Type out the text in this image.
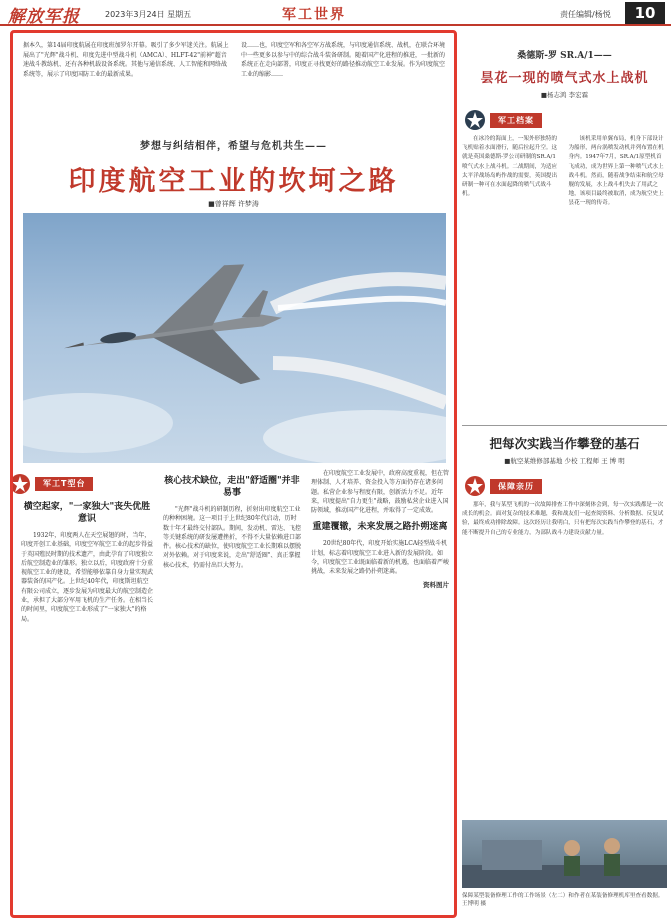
解放军报	2023年3月24日 星期五	军工世界	责任编辑/杨悦	10
据本久，第14届印度航展在印度班加罗尔开幕。吸引了多少军迷关注。航展上展出了"光辉"战斗机、印度先进中型战斗机（AMCA）、HLFT-42"前神"超音速战斗教练机、还有各种机载设备系统。其他与通信系统、人工智能和网络战系统等，展示了印度国防工业的最新成果。
设……也，印度空军和各空军方战系统，与印度通信系统、战机，在联合环境中一些更多以参与中的综合战斗装备研制。随着国产化进程的推进，一批新的系统正在走向部署，印度正寻找更好的路径推动航空工业发展。作为印度航空工业的缩影……
梦想与纠结相伴，希望与危机共生——
印度航空工业的坎坷之路
■曾祥辉 许梦涛
军工T型台
横空起家，"一家独大"丧失优胜意识

1932年，印度两人在天空展翅的时，当年，印度开创工业基础，印度空军航空工业的起步得益于英国殖民时期的技术遗产，由此孕育了印度独立后航空制造业的雏形。独立以后，印度政府十分重视航空工业的建设，希望能够依靠自身力量实现武器装备的国产化。上世纪40年代，印度斯坦航空有限公司成立，逐步发展为印度最大的航空制造企业，承担了大部分军用飞机的生产任务。在相当长的时间里，印度航空工业形成了"一家独大"的格局。

核心技术缺位，走出"舒适圈"并非易事

"光辉"战斗机的研制历程，折射出印度航空工业的种种困境。这一项目于上世纪80年代启动，历时数十年才最终交付部队。期间，发动机、雷达、飞控等关键系统的研发屡遭挫折，不得不大量依赖进口部件。核心技术的缺位，使印度航空工业长期难以摆脱对外依赖。对于印度来说，走出"舒适圈"、真正掌握核心技术，仍需付出巨大努力。

在印度航空工业发展中，政府高度重视，但在管理体制、人才培养、资金投入等方面仍存在诸多问题。私营企业参与程度有限，创新活力不足。近年来，印度提出"自力更生"战略，鼓励私营企业进入国防领域，推动国产化进程，并取得了一定成效。

重建覆辙，未来发展之路扑朔迷离

20世纪80年代，印度开始实施LCA轻型战斗机计划，标志着印度航空工业进入新的发展阶段。如今，印度航空工业既面临着新的机遇，也面临着严峻挑战，未来发展之路仍扑朔迷离。

资料图片
桑德斯-罗 SR.A/1——
昙花一现的喷气式水上战机
■杨志鸿 李宏霖
军工档案
在冰冷的海面上，一架外形独特的飞机贴着水面滑行，随后拉起升空。这就是英国桑德斯-罗公司研制的SR.A/1喷气式水上战斗机。二战期间，为适应太平洋战场岛屿作战的需要，英国提出研制一种可在水面起降的喷气式战斗机。
该机采用单翼布局，机身下部设计为船形，两台涡喷发动机并列布置在机身内。1947年7月，SR.A/1原型机首飞成功，成为世界上第一种喷气式水上战斗机。然而，随着战争结束和航空母舰的发展，水上战斗机失去了用武之地，该项目最终被取消，成为航空史上昙花一现的传奇。
把每次实践当作攀登的基石
■航空某维修部基地 少校 工程师 王 博 明
保障亲历
那年，我与某型飞机的一次故障排查工作中深刻体会到，每一次实践都是一次成长的机会。面对复杂的技术难题，我和战友们一起查阅资料、分析数据、反复试验，最终成功排除故障。这次经历让我明白，只有把每次实践当作攀登的基石，才能不断提升自己的专业能力，为部队战斗力建设贡献力量。
保障某型装备修理工作的工作场景（左二）和作者在某装备修理机库里查看数据。 王博明 摄
